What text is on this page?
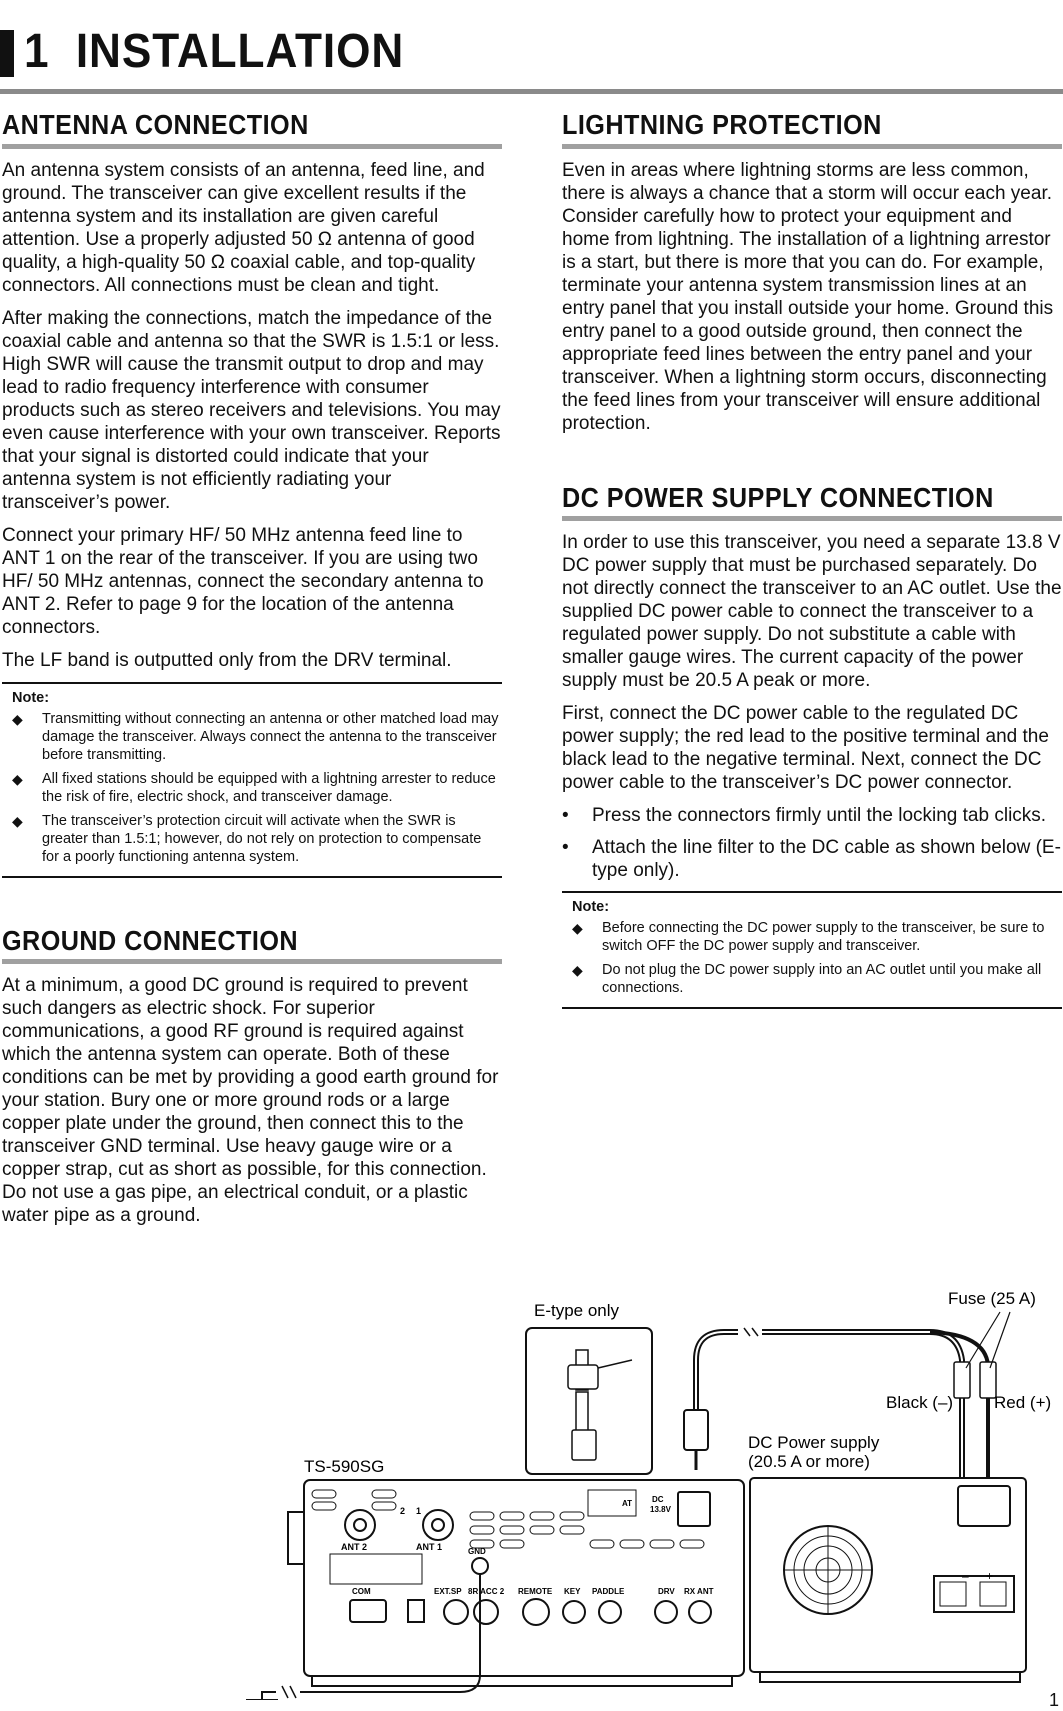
1 INSTALLATION
ANTENNA CONNECTION

An antenna system consists of an antenna, feed line, and ground. The transceiver can give excellent results if the antenna system and its installation are given careful attention. Use a properly adjusted 50 Ω antenna of good quality, a high-quality 50 Ω coaxial cable, and top-quality connectors. All connections must be clean and tight.

After making the connections, match the impedance of the coaxial cable and antenna so that the SWR is 1.5:1 or less. High SWR will cause the transmit output to drop and may lead to radio frequency interference with consumer products such as stereo receivers and televisions. You may even cause interference with your own transceiver. Reports that your signal is distorted could indicate that your antenna system is not efficiently radiating your transceiver’s power.

Connect your primary HF/ 50 MHz antenna feed line to ANT 1 on the rear of the transceiver. If you are using two HF/ 50 MHz antennas, connect the secondary antenna to ANT 2. Refer to page 9 for the location of the antenna connectors.

The LF band is outputted only from the DRV terminal.

Note:
◆ Transmitting without connecting an antenna or other matched load may damage the transceiver. Always connect the antenna to the transceiver before transmitting.
◆ All fixed stations should be equipped with a lightning arrester to reduce the risk of fire, electric shock, and transceiver damage.
◆ The transceiver’s protection circuit will activate when the SWR is greater than 1.5:1; however, do not rely on protection to compensate for a poorly functioning antenna system.
GROUND CONNECTION

At a minimum, a good DC ground is required to prevent such dangers as electric shock. For superior communications, a good RF ground is required against which the antenna system can operate. Both of these conditions can be met by providing a good earth ground for your station. Bury one or more ground rods or a large copper plate under the ground, then connect this to the transceiver GND terminal. Use heavy gauge wire or a copper strap, cut as short as possible, for this connection. Do not use a gas pipe, an electrical conduit, or a plastic water pipe as a ground.

LIGHTNING PROTECTION

Even in areas where lightning storms are less common, there is always a chance that a storm will occur each year. Consider carefully how to protect your equipment and home from lightning. The installation of a lightning arrestor is a start, but there is more that you can do. For example, terminate your antenna system transmission lines at an entry panel that you install outside your home. Ground this entry panel to a good outside ground, then connect the appropriate feed lines between the entry panel and your transceiver. When a lightning storm occurs, disconnecting the feed lines from your transceiver will ensure additional protection.

DC POWER SUPPLY CONNECTION

In order to use this transceiver, you need a separate 13.8 V DC power supply that must be purchased separately. Do not directly connect the transceiver to an AC outlet. Use the supplied DC power cable to connect the transceiver to a regulated power supply. Do not substitute a cable with smaller gauge wires. The current capacity of the power supply must be 20.5 A peak or more.

First, connect the DC power cable to the regulated DC power supply; the red lead to the positive terminal and the black lead to the negative terminal. Next, connect the DC power cable to the transceiver’s DC power connector.

• Press the connectors firmly until the locking tab clicks.
• Attach the line filter to the DC cable as shown below (E-type only).
Note:
◆ Before connecting the DC power supply to the transceiver, be sure to switch OFF the DC power supply and transceiver.
◆ Do not plug the DC power supply into an AC outlet until you make all connections.
E-type only
Fuse (25 A)
Black (–) Red (+)
DC Power supply
(20.5 A or more)
– +
TS-590SG
ANT 2	ANT 1
2 1
GND
AT DC
13.8V
COM	EXT.SP 8R ACC 2 REMOTE KEY PADDLE	DRV RX ANT
1
